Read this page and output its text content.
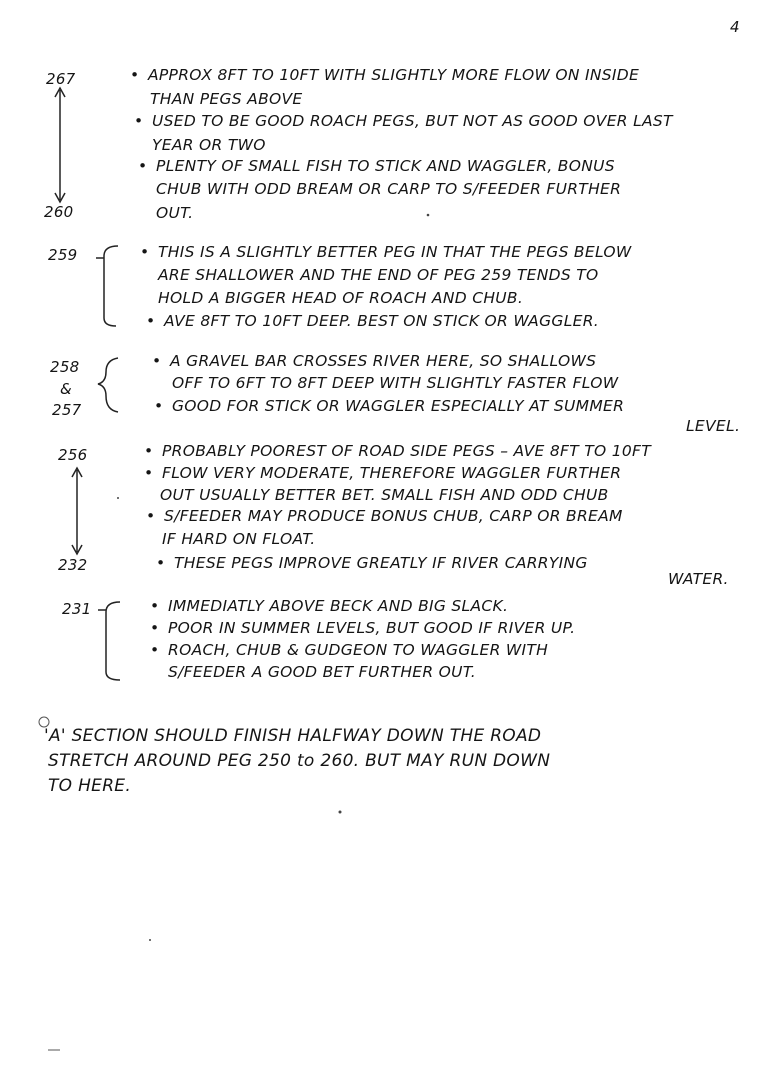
4
267
260
• APPROX 8FT TO 10FT WITH SLIGHTLY MORE FLOW ON INSIDE
THAN PEGS ABOVE
• USED TO BE GOOD ROACH PEGS, BUT NOT AS GOOD OVER LAST
YEAR OR TWO
• PLENTY OF SMALL FISH TO STICK AND WAGGLER, BONUS
CHUB WITH ODD BREAM OR CARP TO S/FEEDER FURTHER
OUT.
259	• THIS IS A SLIGHTLY BETTER PEG IN THAT THE PEGS BELOW
ARE SHALLOWER AND THE END OF PEG 259 TENDS TO
HOLD A BIGGER HEAD OF ROACH AND CHUB.
• AVE 8FT TO 10FT DEEP. BEST ON STICK OR WAGGLER.
258
&
257
• A GRAVEL BAR CROSSES RIVER HERE, SO SHALLOWS
OFF TO 6FT TO 8FT DEEP WITH SLIGHTLY FASTER FLOW
• GOOD FOR STICK OR WAGGLER ESPECIALLY AT SUMMER
LEVEL.
256
232
• PROBABLY POOREST OF ROAD SIDE PEGS – AVE 8FT TO 10FT
• FLOW VERY MODERATE, THEREFORE WAGGLER FURTHER
OUT USUALLY BETTER BET. SMALL FISH AND ODD CHUB
• S/FEEDER MAY PRODUCE BONUS CHUB, CARP OR BREAM
IF HARD ON FLOAT.
• THESE PEGS IMPROVE GREATLY IF RIVER CARRYING
WATER.
231	• IMMEDIATLY ABOVE BECK AND BIG SLACK.
• POOR IN SUMMER LEVELS, BUT GOOD IF RIVER UP.
• ROACH, CHUB & GUDGEON TO WAGGLER WITH
S/FEEDER A GOOD BET FURTHER OUT.
'A' SECTION SHOULD FINISH HALFWAY DOWN THE ROAD
STRETCH AROUND PEG 250 to 260. BUT MAY RUN DOWN
TO HERE.
